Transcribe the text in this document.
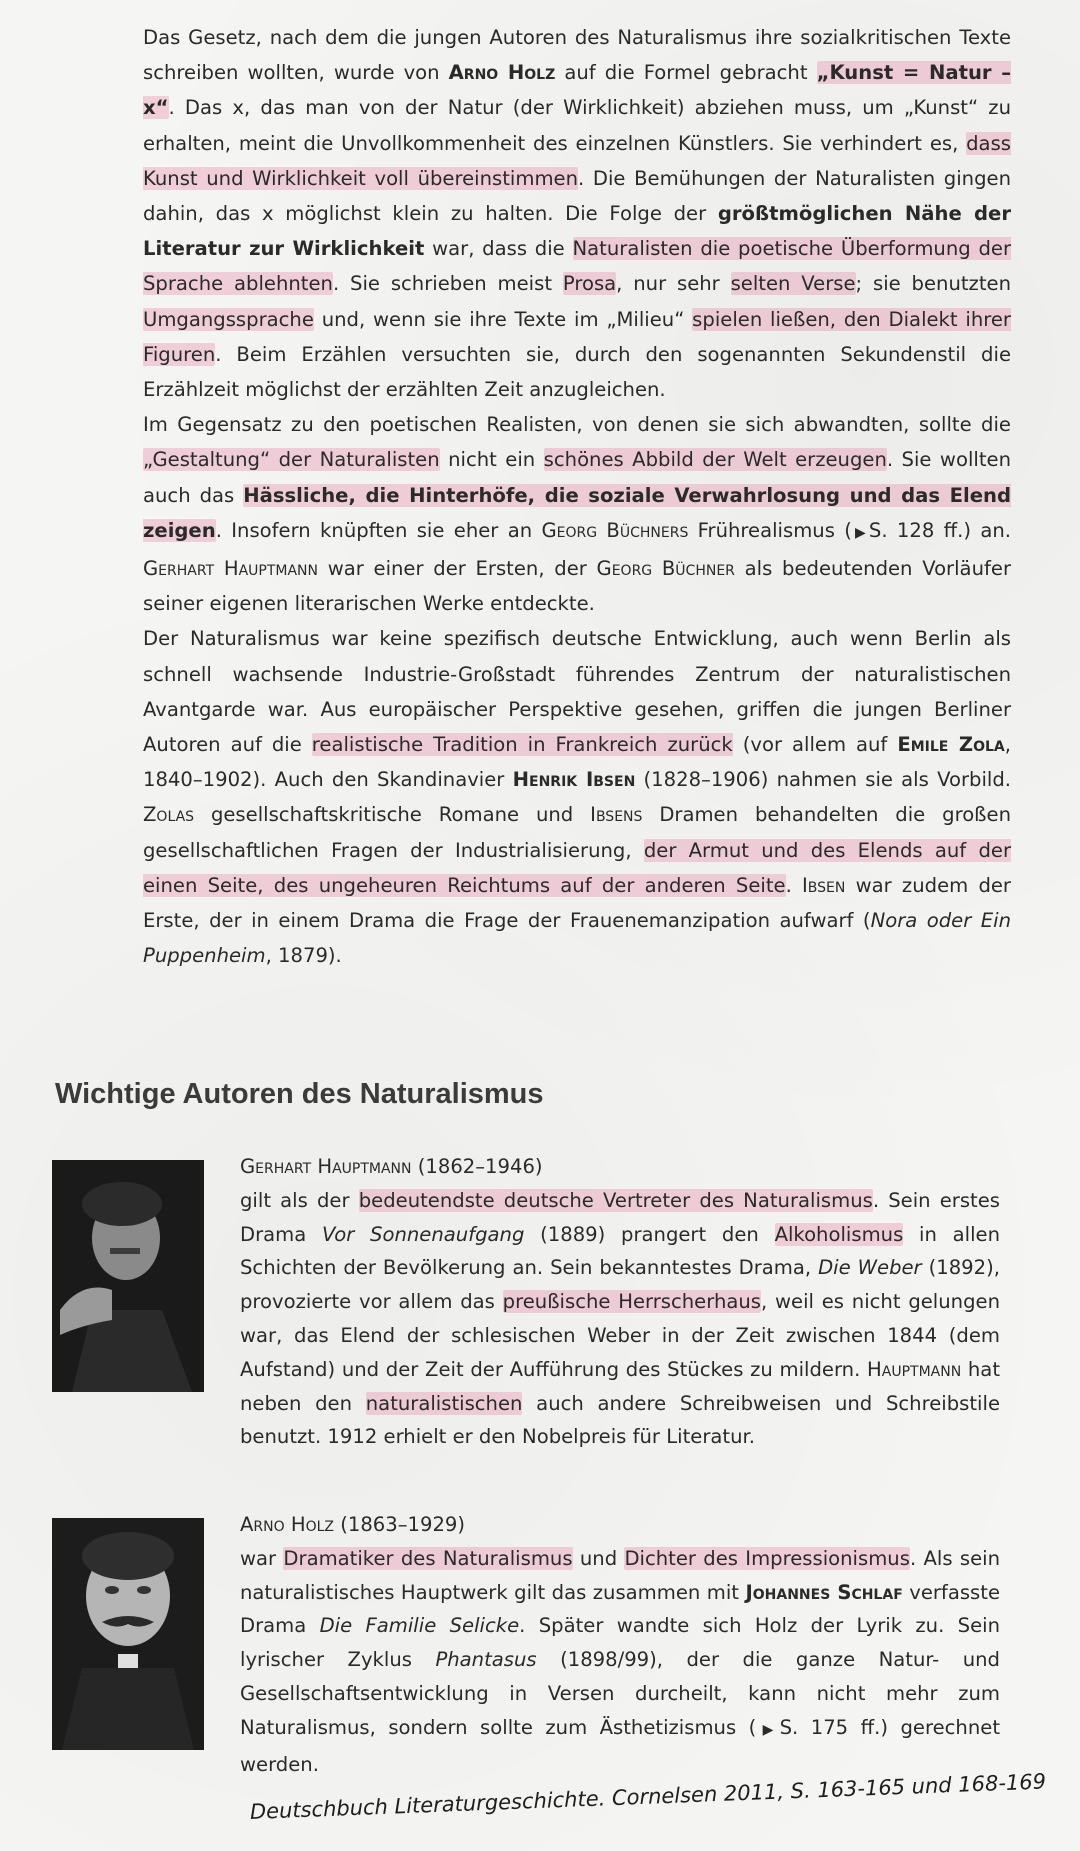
Das Gesetz, nach dem die jungen Autoren des Naturalismus ihre sozialkritischen Texte schreiben wollten, wurde von Arno Holz auf die Formel gebracht „Kunst = Natur – x“. Das x, das man von der Natur (der Wirklichkeit) abziehen muss, um „Kunst“ zu erhalten, meint die Unvollkommenheit des einzelnen Künstlers. Sie verhindert es, dass Kunst und Wirklichkeit voll übereinstimmen. Die Bemühungen der Naturalisten gingen dahin, das x möglichst klein zu halten. Die Folge der größtmöglichen Nähe der Literatur zur Wirklichkeit war, dass die Naturalisten die poetische Überformung der Sprache ablehnten. Sie schrieben meist Prosa, nur sehr selten Verse; sie benutzten Umgangssprache und, wenn sie ihre Texte im „Milieu“ spielen ließen, den Dialekt ihrer Figuren. Beim Erzählen versuchten sie, durch den sogenannten Sekundenstil die Erzählzeit möglichst der erzählten Zeit anzugleichen.

Im Gegensatz zu den poetischen Realisten, von denen sie sich abwandten, sollte die „Gestaltung“ der Naturalisten nicht ein schönes Abbild der Welt erzeugen. Sie wollten auch das Hässliche, die Hinterhöfe, die soziale Verwahrlosung und das Elend zeigen. Insofern knüpften sie eher an Georg Büchners Frührealismus (▶S. 128 ff.) an. Gerhart Hauptmann war einer der Ersten, der Georg Büchner als bedeutenden Vorläufer seiner eigenen literarischen Werke entdeckte.

Der Naturalismus war keine spezifisch deutsche Entwicklung, auch wenn Berlin als schnell wachsende Industrie-Großstadt führendes Zentrum der naturalistischen Avantgarde war. Aus europäischer Perspektive gesehen, griffen die jungen Berliner Autoren auf die realistische Tradition in Frankreich zurück (vor allem auf Emile Zola, 1840–1902). Auch den Skandinavier Henrik Ibsen (1828–1906) nahmen sie als Vorbild. Zolas gesellschaftskritische Romane und Ibsens Dramen behandelten die großen gesellschaftlichen Fragen der Industrialisierung, der Armut und des Elends auf der einen Seite, des ungeheuren Reichtums auf der anderen Seite. Ibsen war zudem der Erste, der in einem Drama die Frage der Frauenemanzipation aufwarf (Nora oder Ein Puppenheim, 1879).

Wichtige Autoren des Naturalismus

Gerhart Hauptmann (1862–1946)

gilt als der bedeutendste deutsche Vertreter des Naturalismus. Sein erstes Drama Vor Sonnenaufgang (1889) prangert den Alkoholismus in allen Schichten der Bevölkerung an. Sein bekanntestes Drama, Die Weber (1892), provozierte vor allem das preußische Herrscherhaus, weil es nicht gelungen war, das Elend der schlesischen Weber in der Zeit zwischen 1844 (dem Aufstand) und der Zeit der Aufführung des Stückes zu mildern. Hauptmann hat neben den naturalistischen auch andere Schreibweisen und Schreibstile benutzt. 1912 erhielt er den Nobelpreis für Literatur.

Arno Holz (1863–1929)

war Dramatiker des Naturalismus und Dichter des Impressionismus. Als sein naturalistisches Hauptwerk gilt das zusammen mit Johannes Schlaf verfasste Drama Die Familie Selicke. Später wandte sich Holz der Lyrik zu. Sein lyrischer Zyklus Phantasus (1898/99), der die ganze Natur- und Gesellschaftsentwicklung in Versen durcheilt, kann nicht mehr zum Naturalismus, sondern sollte zum Ästhetizismus (▶S. 175 ff.) gerechnet werden.

Deutschbuch Literaturgeschichte. Cornelsen 2011, S. 163-165 und 168-169
